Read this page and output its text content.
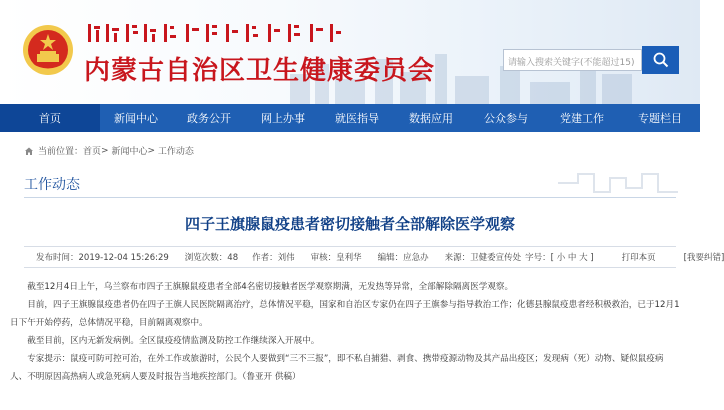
内蒙古自治区卫生健康委员会	请输入搜索关键字(不能超过15)
首页	新闻中心	政务公开	网上办事	就医指导	数据应用	公众参与	党建工作	专题栏目
当前位置： 首页 >
新闻中心 >
工作动态
工作动态
四子王旗腺鼠疫患者密切接触者全部解除医学观察
发布时间：2019-12-04 15:26:29 浏览次数：48 作者：刘伟 审核：皇利华 编辑：应急办 来源：卫健委宣传处 字号：[ 小 中 大 ]	打印本页	[我要纠错]

截至12月4日上午，乌兰察布市四子王旗腺鼠疫患者全部4名密切接触者医学观察期满，无发热等异常，全部解除隔离医学观察。

目前，四子王旗腺鼠疫患者仍在四子王旗人民医院隔离治疗，总体情况平稳，国家和自治区专家仍在四子王旗参与指导救治工作；化德县腺鼠疫患者经积极救治，已于12月1

日下午开始停药，总体情况平稳，目前隔离观察中。

截至目前，区内无新发病例。全区鼠疫疫情监测及防控工作继续深入开展中。

专家提示：鼠疫可防可控可治，在外工作或旅游时，公民个人要做到“三不三报”，即不私自捕猎、剥食、携带疫源动物及其产品出疫区；发现病（死）动物、疑似鼠疫病

人、不明原因高热病人或急死病人要及时报告当地疾控部门。（鲁亚开 供稿）
